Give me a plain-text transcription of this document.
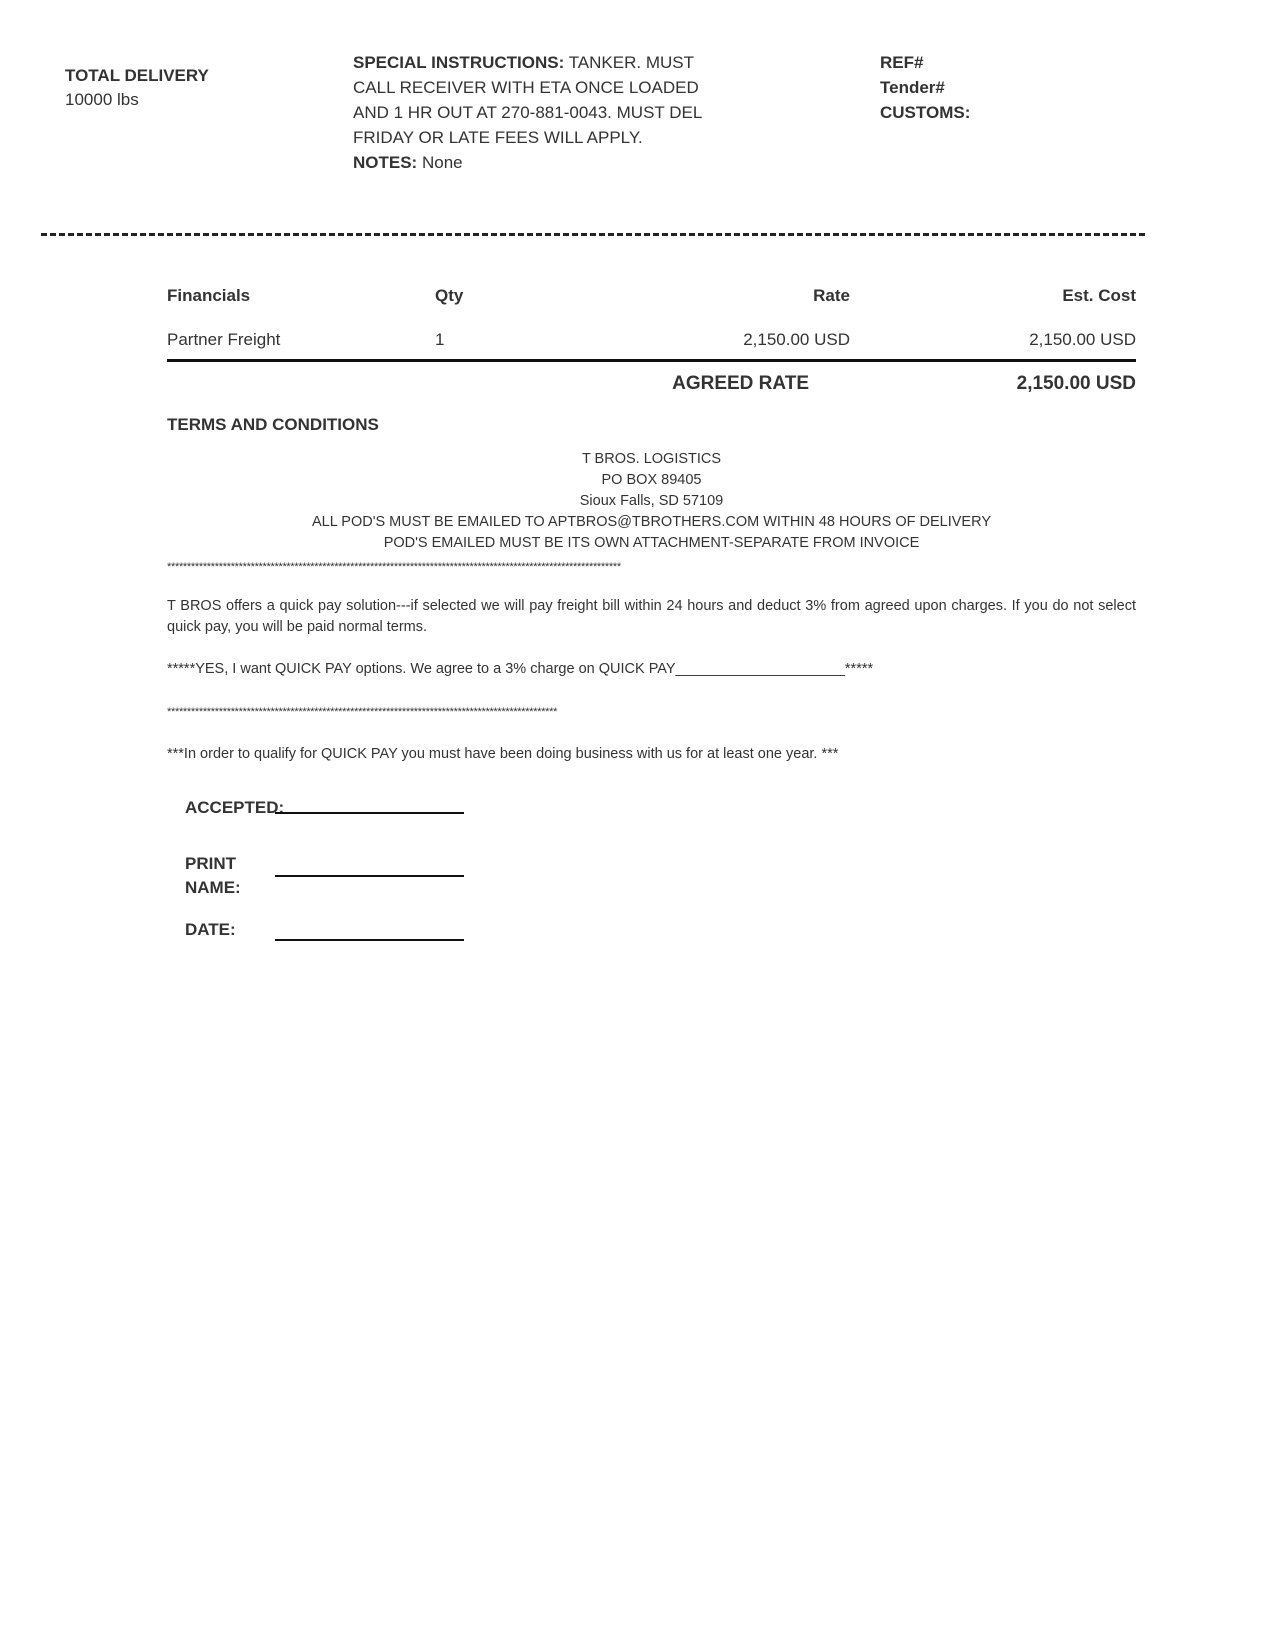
TOTAL DELIVERY
10000 lbs
SPECIAL INSTRUCTIONS: TANKER. MUST CALL RECEIVER WITH ETA ONCE LOADED AND 1 HR OUT AT 270-881-0043. MUST DEL FRIDAY OR LATE FEES WILL APPLY.
NOTES: None
REF#
Tender#
CUSTOMS:
Financials	Qty	Rate	Est. Cost
Partner Freight	1	2,150.00 USD	2,150.00 USD
AGREED RATE	2,150.00 USD
TERMS AND CONDITIONS
T BROS. LOGISTICS
PO BOX 89405
Sioux Falls, SD 57109
ALL POD'S MUST BE EMAILED TO APTBROS@TBROTHERS.COM WITHIN 48 HOURS OF DELIVERY
POD'S EMAILED MUST BE ITS OWN ATTACHMENT-SEPARATE FROM INVOICE
******************************************************************************************************************
T BROS offers a quick pay solution---if selected we will pay freight bill within 24 hours and deduct 3% from agreed upon charges. If you do not select quick pay, you will be paid normal terms.
*****YES, I want QUICK PAY options. We agree to a 3% charge on QUICK PAY_____________________*****
**************************************************************************************************
***In order to qualify for QUICK PAY you must have been doing business with us for at least one year. ***
ACCEPTED:
PRINT
NAME:
DATE:
